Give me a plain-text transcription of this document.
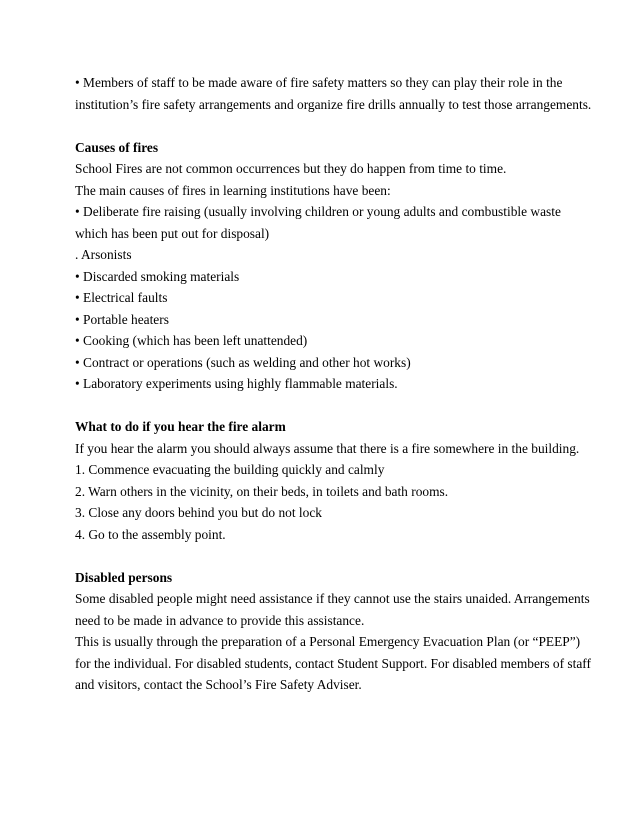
• Members of staff to be made aware of fire safety matters so they can play their role in the
institution’s fire safety arrangements and organize fire drills annually to test those arrangements.
Causes of fires
School Fires are not common occurrences but they do happen from time to time.
The main causes of fires in learning institutions have been:
• Deliberate fire raising (usually involving children or young adults and combustible waste
which has been put out for disposal)
. Arsonists
• Discarded smoking materials
• Electrical faults
• Portable heaters
• Cooking (which has been left unattended)
• Contract or operations (such as welding and other hot works)
• Laboratory experiments using highly flammable materials.
What to do if you hear the fire alarm
If you hear the alarm you should always assume that there is a fire somewhere in the building.
1. Commence evacuating the building quickly and calmly
2. Warn others in the vicinity, on their beds, in toilets and bath rooms.
3. Close any doors behind you but do not lock
4. Go to the assembly point.
Disabled persons
Some disabled people might need assistance if they cannot use the stairs unaided. Arrangements
need to be made in advance to provide this assistance.
This is usually through the preparation of a Personal Emergency Evacuation Plan (or “PEEP”)
for the individual. For disabled students, contact Student Support. For disabled members of staff
and visitors, contact the School’s Fire Safety Adviser.
